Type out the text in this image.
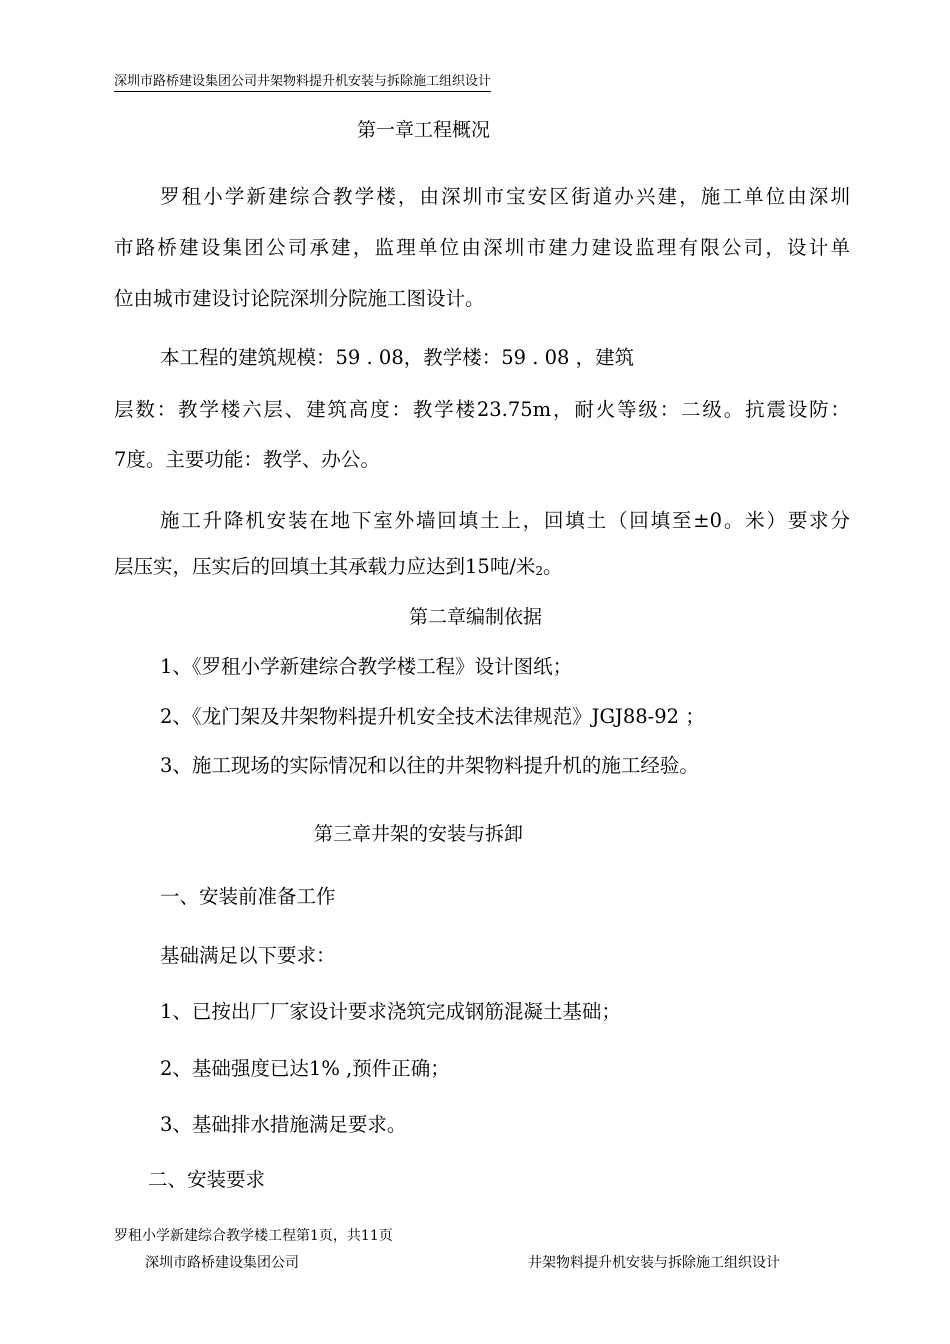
深圳市路桥建设集团公司井架物料提升机安装与拆除施工组织设计
第一章工程概况
罗租小学新建综合教学楼，由深圳市宝安区街道办兴建，施工单位由深圳
市路桥建设集团公司承建，监理单位由深圳市建力建设监理有限公司，设计单
位由城市建设讨论院深圳分院施工图设计。
本工程的建筑规模：59 . 08，教学楼：59 . 08 ，建筑
层数：教学楼六层、建筑高度：教学楼23.75m，耐火等级：二级。抗震设防：
7度。主要功能：教学、办公。
施工升降机安装在地下室外墙回填土上，回填土（回填至±0。米）要求分
层压实，压实后的回填土其承载力应达到15吨/米$_2$。
第二章编制依据
1、《罗租小学新建综合教学楼工程》设计图纸；
2、《龙门架及井架物料提升机安全技术法律规范》JGJ88-92 ；
3、施工现场的实际情况和以往的井架物料提升机的施工经验。
第三章井架的安装与拆卸
一、安装前准备工作
基础满足以下要求：
1、已按出厂厂家设计要求浇筑完成钢筋混凝土基础；
2、基础强度已达1% ,预件正确；
3、基础排水措施满足要求。
二、安装要求
罗租小学新建综合教学楼工程第1页，共11页
深圳市路桥建设集团公司	井架物料提升机安装与拆除施工组织设计
